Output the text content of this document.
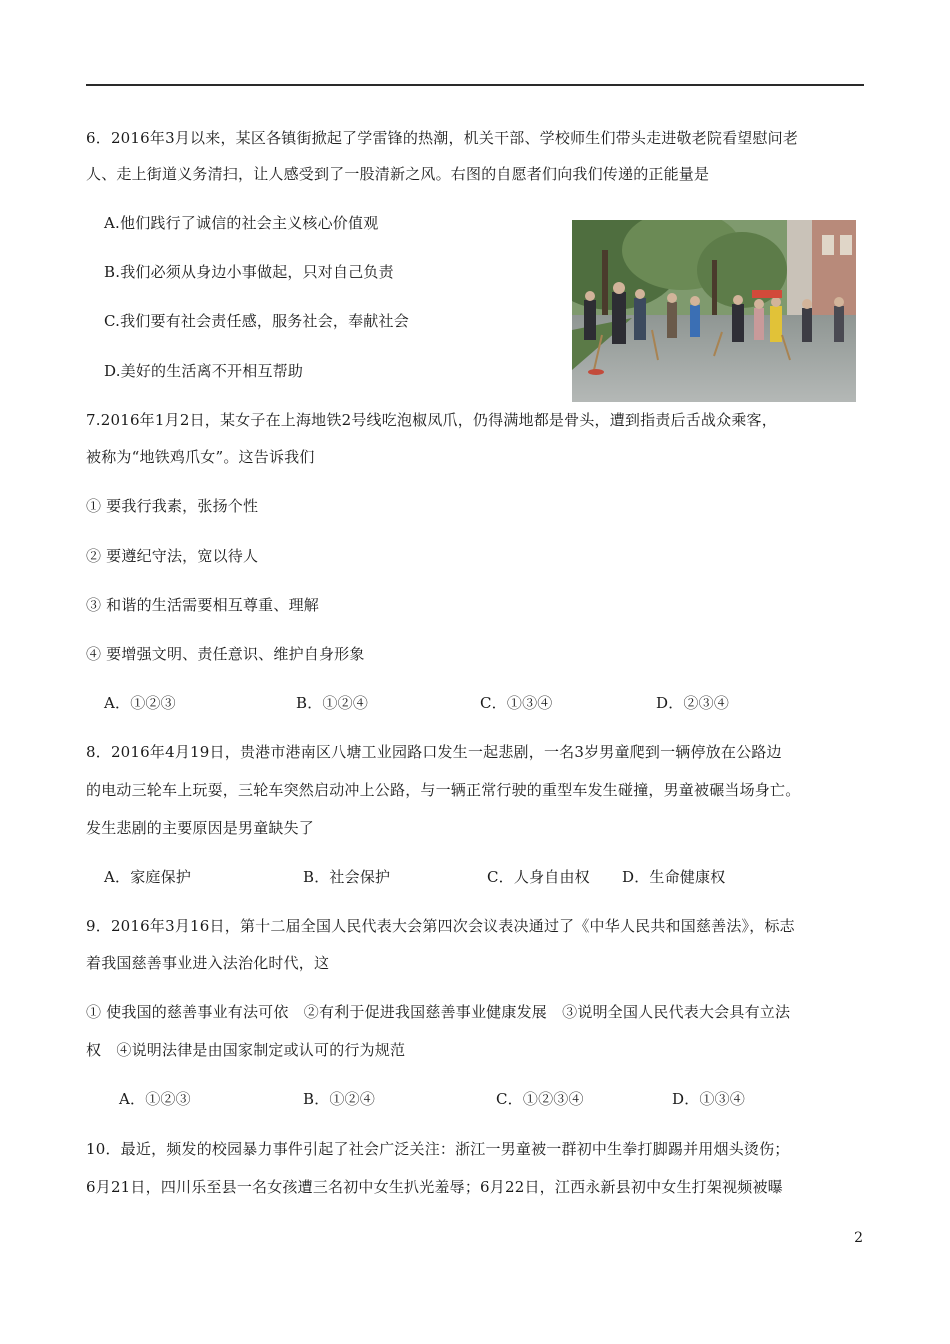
6．2016年3月以来，某区各镇街掀起了学雷锋的热潮，机关干部、学校师生们带头走进敬老院看望慰问老
人、走上街道义务清扫，让人感受到了一股清新之风。右图的自愿者们向我们传递的正能量是
A.他们践行了诚信的社会主义核心价值观
B.我们必须从身边小事做起，只对自己负责
C.我们要有社会责任感，服务社会，奉献社会
D.美好的生活离不开相互帮助
7.2016年1月2日，某女子在上海地铁2号线吃泡椒凤爪，仍得满地都是骨头，遭到指责后舌战众乘客，
被称为“地铁鸡爪女”。这告诉我们
① 要我行我素，张扬个性
② 要遵纪守法，宽以待人
③ 和谐的生活需要相互尊重、理解
④ 要增强文明、责任意识、维护自身形象
A．①②③	B．①②④	C．①③④	D．②③④
8．2016年4月19日，贵港市港南区八塘工业园路口发生一起悲剧，一名3岁男童爬到一辆停放在公路边
的电动三轮车上玩耍，三轮车突然启动冲上公路，与一辆正常行驶的重型车发生碰撞，男童被碾当场身亡。
发生悲剧的主要原因是男童缺失了
A．家庭保护	B．社会保护	C．人身自由权 D．生命健康权
9．2016年3月16日，第十二届全国人民代表大会第四次会议表决通过了《中华人民共和国慈善法》，标志
着我国慈善事业进入法治化时代，这
① 使我国的慈善事业有法可依　②有利于促进我国慈善事业健康发展　③说明全国人民代表大会具有立法
权　④说明法律是由国家制定或认可的行为规范
A．①②③	B．①②④	C．①②③④	D．①③④
10．最近，频发的校园暴力事件引起了社会广泛关注：浙江一男童被一群初中生拳打脚踢并用烟头烫伤；
6月21日，四川乐至县一名女孩遭三名初中女生扒光羞辱；6月22日，江西永新县初中女生打架视频被曝
2
